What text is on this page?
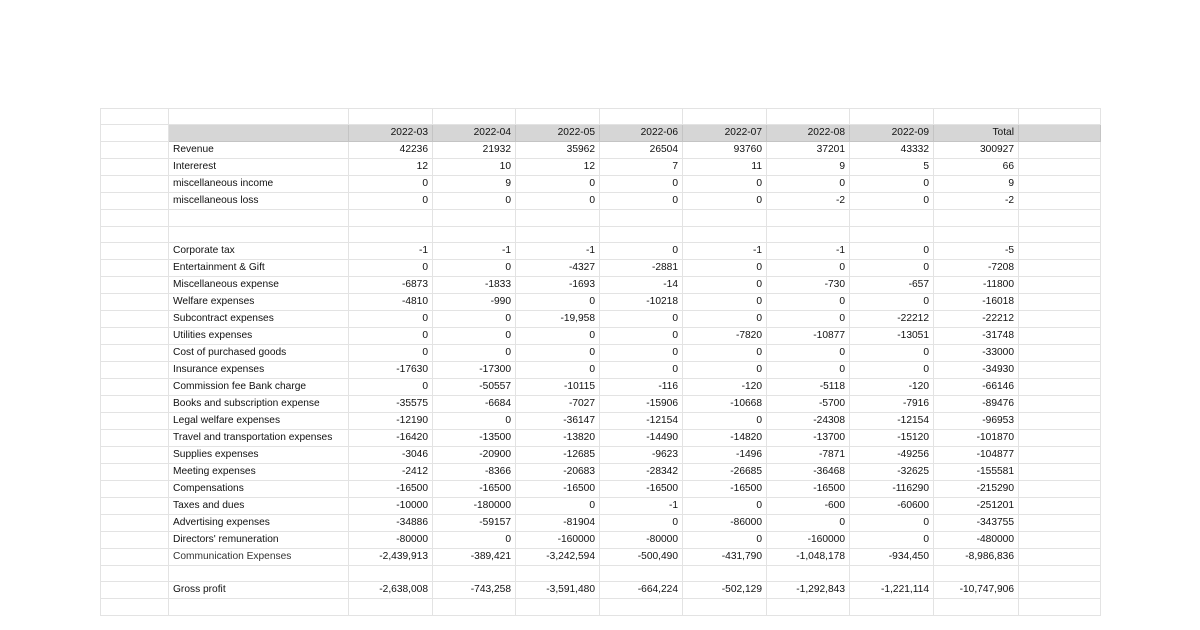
		2022-03	2022-04	2022-05	2022-06	2022-07	2022-08	2022-09	Total	
	Revenue	42236	21932	35962	26504	93760	37201	43332	300927	
	Intererest	12	10	12	7	11	9	5	66	
	miscellaneous income	0	9	0	0	0	0	0	9	
	miscellaneous loss	0	0	0	0	0	-2	0	-2	

	Corporate tax	-1	-1	-1	0	-1	-1	0	-5	
	Entertainment & Gift	0	0	-4327	-2881	0	0	0	-7208	
	Miscellaneous expense	-6873	-1833	-1693	-14	0	-730	-657	-11800	
	Welfare expenses	-4810	-990	0	-10218	0	0	0	-16018	
	Subcontract expenses	0	0	-19,958	0	0	0	-22212	-22212	
	Utilities expenses	0	0	0	0	-7820	-10877	-13051	-31748	
	Cost of purchased goods	0	0	0	0	0	0	0	-33000	
	Insurance expenses	-17630	-17300	0	0	0	0	0	-34930	
	Commission fee Bank charge	0	-50557	-10115	-116	-120	-5118	-120	-66146	
	Books and subscription expense	-35575	-6684	-7027	-15906	-10668	-5700	-7916	-89476	
	Legal welfare expenses	-12190	0	-36147	-12154	0	-24308	-12154	-96953	
	Travel and transportation expenses	-16420	-13500	-13820	-14490	-14820	-13700	-15120	-101870	
	Supplies expenses	-3046	-20900	-12685	-9623	-1496	-7871	-49256	-104877	
	Meeting expenses	-2412	-8366	-20683	-28342	-26685	-36468	-32625	-155581	
	Compensations	-16500	-16500	-16500	-16500	-16500	-16500	-116290	-215290	
	Taxes and dues	-10000	-180000	0	-1	0	-600	-60600	-251201	
	Advertising expenses	-34886	-59157	-81904	0	-86000	0	0	-343755	
	Directors' remuneration	-80000	0	-160000	-80000	0	-160000	0	-480000	
	Communication Expenses	-2,439,913	-389,421	-3,242,594	-500,490	-431,790	-1,048,178	-934,450	-8,986,836	

	Gross profit	-2,638,008	-743,258	-3,591,480	-664,224	-502,129	-1,292,843	-1,221,114	-10,747,906	
